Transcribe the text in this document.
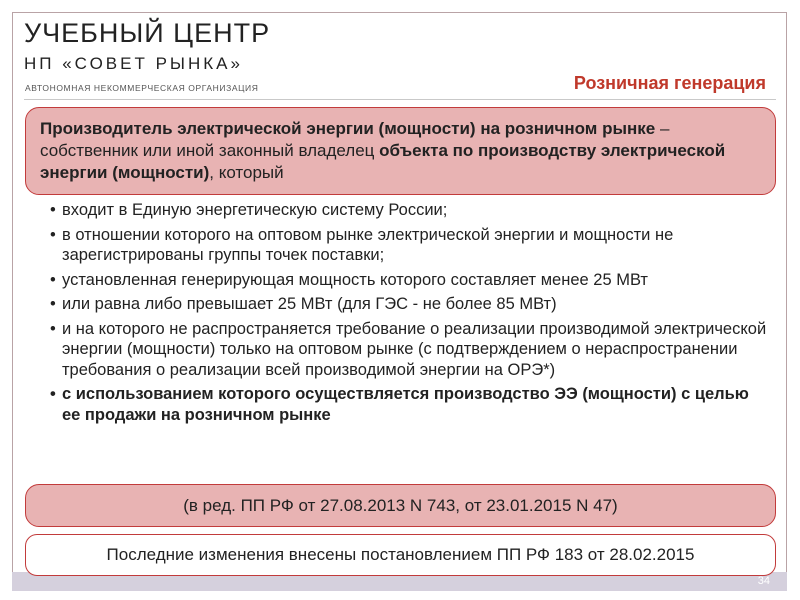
УЧЕБНЫЙ ЦЕНТР
НП «СОВЕТ РЫНКА»
АВТОНОМНАЯ НЕКОММЕРЧЕСКАЯ ОРГАНИЗАЦИЯ	Розничная генерация
Производитель электрической энергии (мощности) на розничном рынке – собственник или иной законный владелец объекта по производству электрической энергии (мощности), который
• входит в Единую энергетическую систему России;
• в отношении которого на оптовом рынке электрической энергии и мощности не зарегистрированы группы точек поставки;
• установленная генерирующая мощность которого составляет менее 25 МВт
• или равна либо превышает 25 МВт (для ГЭС - не более 85 МВт)
• и на которого не распространяется требование о реализации производимой электрической энергии (мощности) только на оптовом рынке (с подтверждением о нераспространении требования о реализации всей производимой энергии на ОРЭ*)
• с использованием которого осуществляется производство ЭЭ (мощности) с целью ее продажи на розничном рынке
(в ред. ПП РФ от 27.08.2013 N 743, от 23.01.2015 N 47)
Последние изменения внесены постановлением ПП РФ 183 от 28.02.2015
34
